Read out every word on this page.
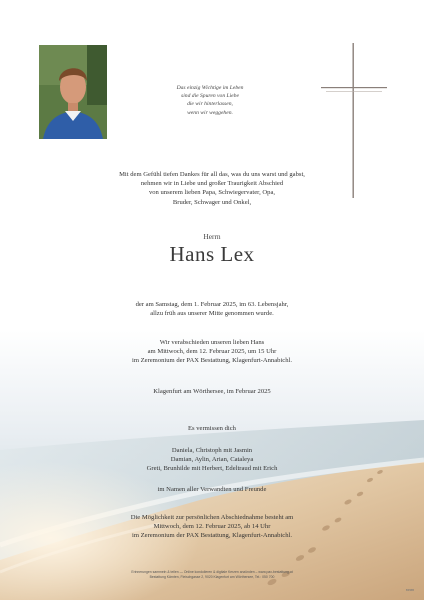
Das einzig Wichtige im Leben
sind die Spuren von Liebe
die wir hinterlassen,
wenn wir weggehen.
Mit dem Gefühl tiefen Dankes für all das, was du uns warst und gabst,
nehmen wir in Liebe und großer Traurigkeit Abschied
von unserem lieben Papa, Schwiegervater, Opa,
Bruder, Schwager und Onkel,
Herrn
Hans Lex
der am Samstag, dem 1. Februar 2025, im 63. Lebensjahr,
allzu früh aus unserer Mitte genommen wurde.
Wir verabschieden unseren lieben Hans
am Mittwoch, dem 12. Februar 2025, um 15 Uhr
im Zeremonium der PAX Bestattung, Klagenfurt-Annabichl.
Klagenfurt am Wörthersee, im Februar 2025
Es vermissen dich
Daniela, Christoph mit Jasmin
Damian, Aylin, Arian, Cataleya
Greti, Brunhilde mit Herbert, Edeltraud mit Erich
im Namen aller Verwandten und Freunde
Die Möglichkeit zur persönlichen Abschiednahme besteht am
Mittwoch, dem 12. Februar 2025, ab 14 Uhr
im Zeremonium der PAX Bestattung, Klagenfurt-Annabichl.
Erinnerungen sammeln & teilen — Online kondolieren & digitale Kerzen anzünden – www.pax-bestattung.at
Bestattung Kärnten, Fleischgasse 2, 9020 Klagenfurt am Wörthersee, Tel.: 050 700
ʙᴘᴍʙ
